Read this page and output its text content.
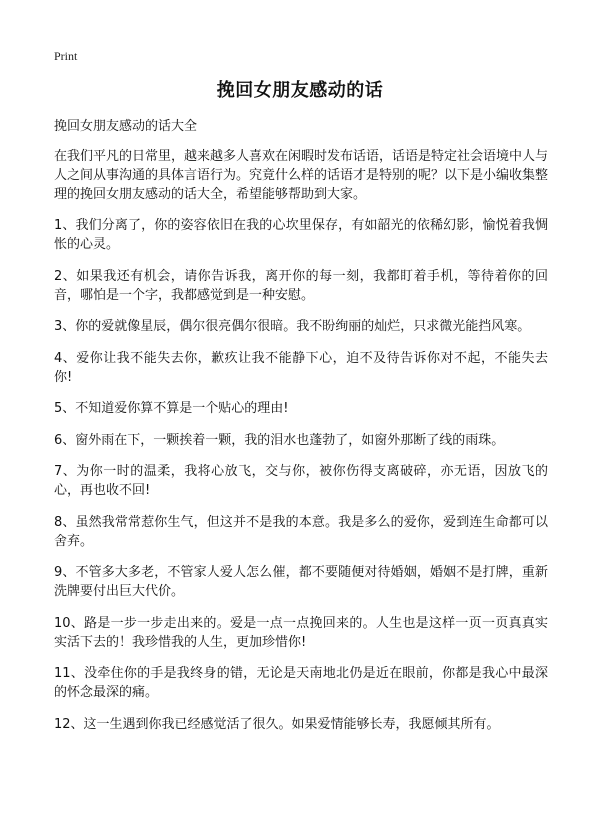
Print
挽回女朋友感动的话

挽回女朋友感动的话大全

在我们平凡的日常里，越来越多人喜欢在闲暇时发布话语，话语是特定社会语境中人与人之间从事沟通的具体言语行为。究竟什么样的话语才是特别的呢？以下是小编收集整理的挽回女朋友感动的话大全，希望能够帮助到大家。

1、我们分离了，你的姿容依旧在我的心坎里保存，有如韶光的依稀幻影，愉悦着我惆怅的心灵。

2、如果我还有机会，请你告诉我，离开你的每一刻，我都盯着手机，等待着你的回音，哪怕是一个字，我都感觉到是一种安慰。

3、你的爱就像星辰，偶尔很亮偶尔很暗。我不盼绚丽的灿烂，只求微光能挡风寒。

4、爱你让我不能失去你，歉疚让我不能静下心，迫不及待告诉你对不起，不能失去你!

5、不知道爱你算不算是一个贴心的理由!

6、窗外雨在下，一颗挨着一颗，我的泪水也蓬勃了，如窗外那断了线的雨珠。

7、为你一时的温柔，我将心放飞，交与你，被你伤得支离破碎，亦无语，因放飞的心，再也收不回!

8、虽然我常常惹你生气，但这并不是我的本意。我是多么的爱你，爱到连生命都可以舍弃。

9、不管多大多老，不管家人爱人怎么催，都不要随便对待婚姻，婚姻不是打牌，重新洗牌要付出巨大代价。

10、路是一步一步走出来的。爱是一点一点挽回来的。人生也是这样一页一页真真实实活下去的！我珍惜我的人生，更加珍惜你!

11、没牵住你的手是我终身的错，无论是天南地北仍是近在眼前，你都是我心中最深的怀念最深的痛。

12、这一生遇到你我已经感觉活了很久。如果爱情能够长寿，我愿倾其所有。
